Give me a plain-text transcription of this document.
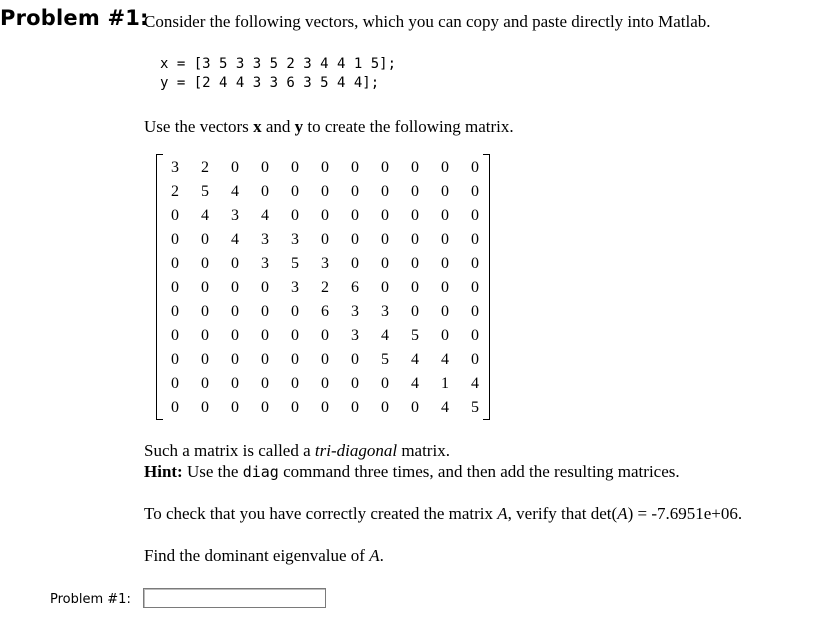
Problem #1:
Consider the following vectors, which you can copy and paste directly into Matlab.
x = [3 5 3 3 5 2 3 4 4 1 5];
y = [2 4 4 3 3 6 3 5 4 4];
Use the vectors x and y to create the following matrix.
3	2	0	0	0	0	0	0	0	0	0
2	5	4	0	0	0	0	0	0	0	0
0	4	3	4	0	0	0	0	0	0	0
0	0	4	3	3	0	0	0	0	0	0
0	0	0	3	5	3	0	0	0	0	0
0	0	0	0	3	2	6	0	0	0	0
0	0	0	0	0	6	3	3	0	0	0
0	0	0	0	0	0	3	4	5	0	0
0	0	0	0	0	0	0	5	4	4	0
0	0	0	0	0	0	0	0	4	1	4
0	0	0	0	0	0	0	0	0	4	5
Such a matrix is called a tri-diagonal matrix.
Hint: Use the diag command three times, and then add the resulting matrices.
To check that you have correctly created the matrix A, verify that det(A) = -7.6951e+06.
Find the dominant eigenvalue of A.
Problem #1:
